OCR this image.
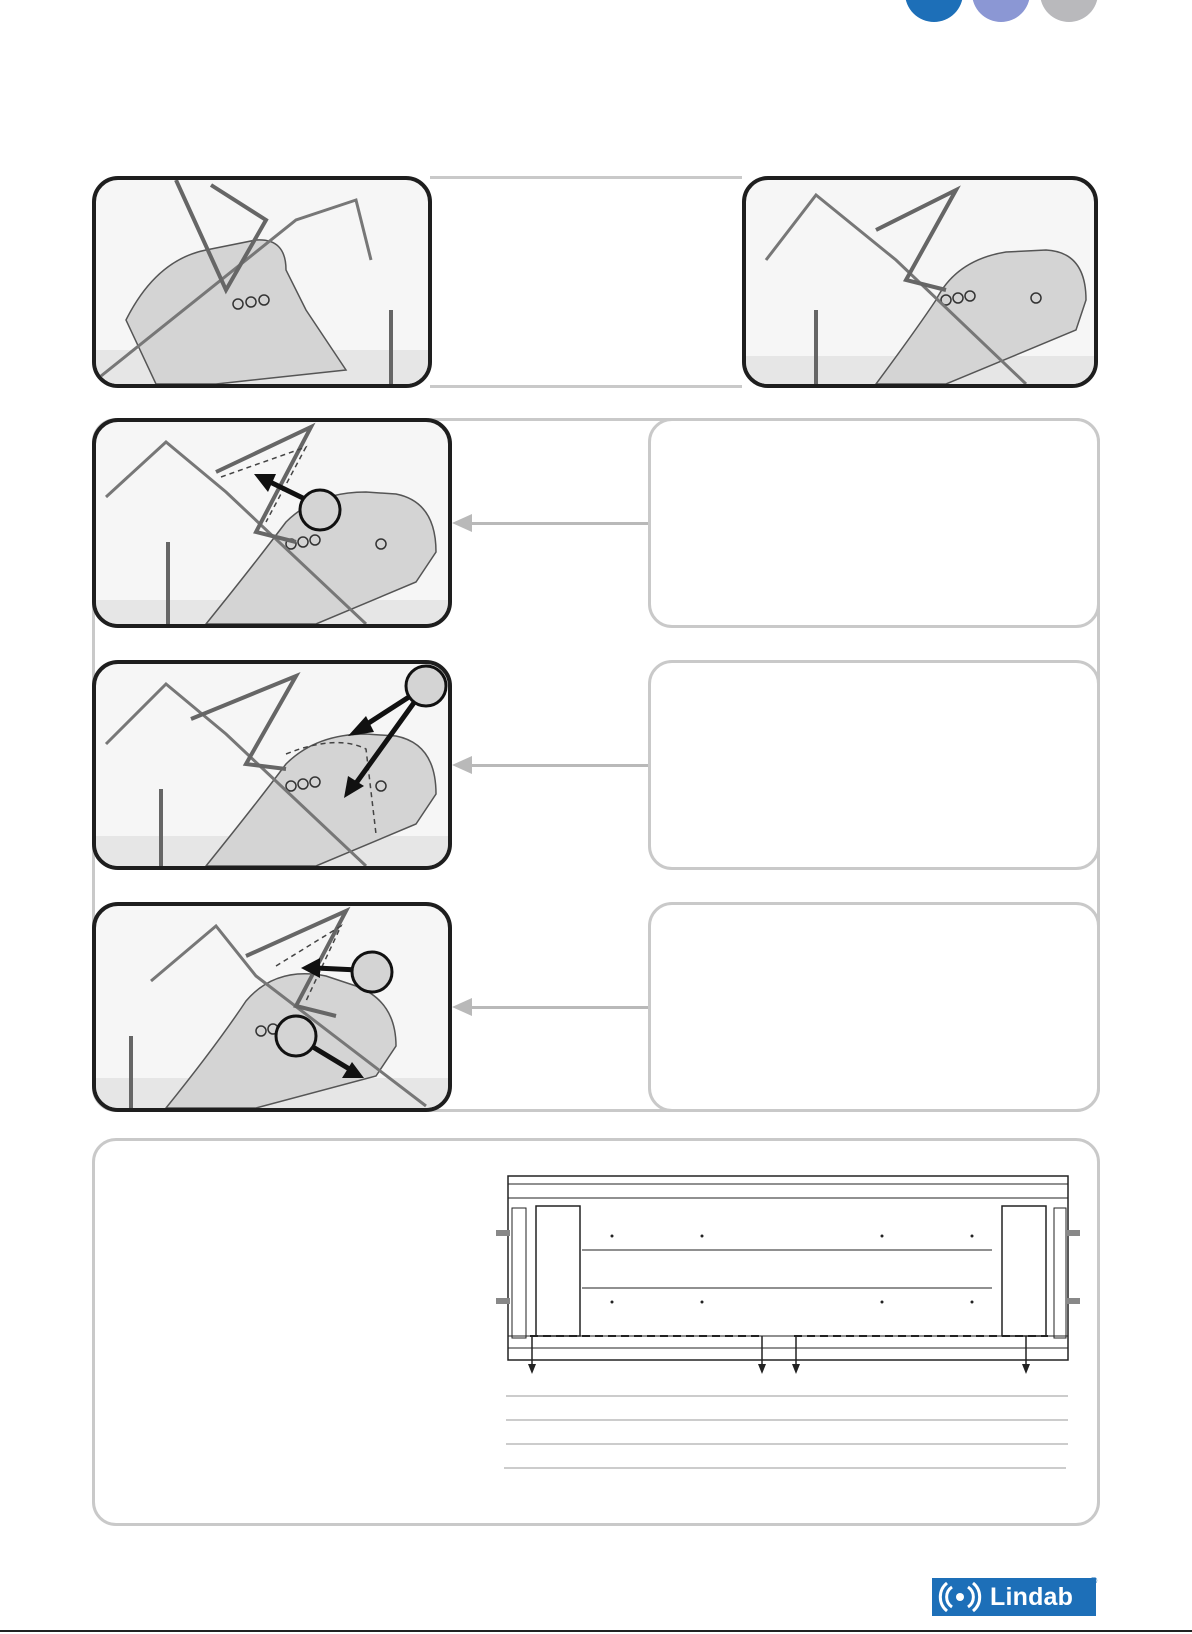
Lindab
®
